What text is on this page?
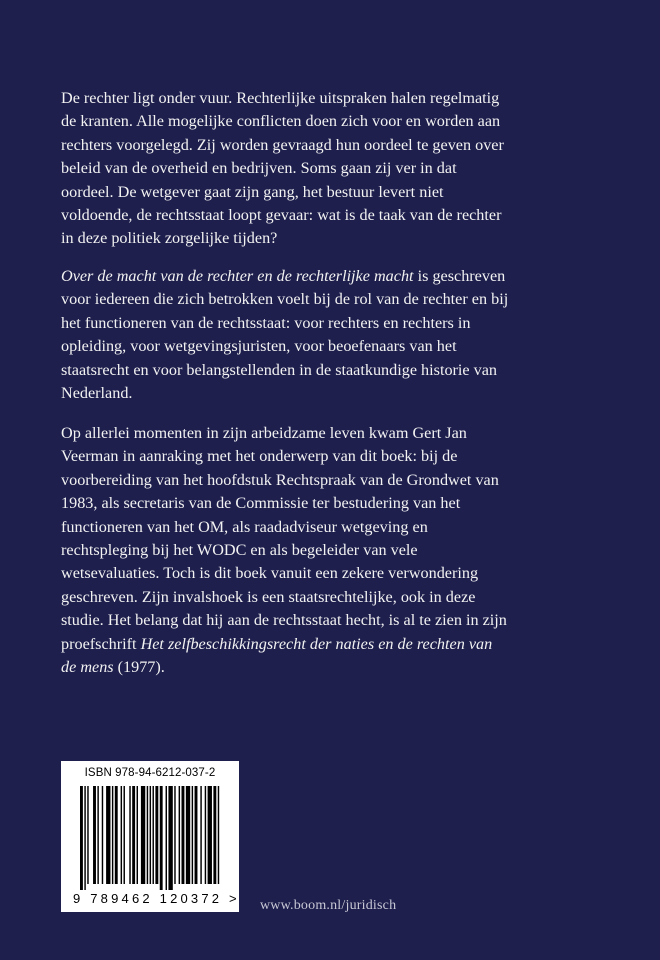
De rechter ligt onder vuur. Rechterlijke uitspraken halen regelmatig de kranten. Alle mogelijke conflicten doen zich voor en worden aan rechters voorgelegd. Zij worden gevraagd hun oordeel te geven over beleid van de overheid en bedrijven. Soms gaan zij ver in dat oordeel. De wetgever gaat zijn gang, het bestuur levert niet voldoende, de rechtsstaat loopt gevaar: wat is de taak van de rechter in deze politiek zorgelijke tijden?

Over de macht van de rechter en de rechterlijke macht is geschreven voor iedereen die zich betrokken voelt bij de rol van de rechter en bij het functioneren van de rechtsstaat: voor rechters en rechters in opleiding, voor wetgevingsjuristen, voor beoefenaars van het staatsrecht en voor belangstellenden in de staatkundige historie van Nederland.

Op allerlei momenten in zijn arbeidzame leven kwam Gert Jan Veerman in aanraking met het onderwerp van dit boek: bij de voorbereiding van het hoofdstuk Rechtspraak van de Grondwet van 1983, als secretaris van de Commissie ter bestudering van het functioneren van het OM, als raadadviseur wetgeving en rechtspleging bij het WODC en als begeleider van vele wetsevaluaties. Toch is dit boek vanuit een zekere verwondering geschreven. Zijn invalshoek is een staatsrechtelijke, ook in deze studie. Het belang dat hij aan de rechtsstaat hecht, is al te zien in zijn proefschrift Het zelfbeschikkingsrecht der naties en de rechten van de mens (1977).

ISBN 978-94-6212-037-2
9 789462 120372 > www.boom.nl/juridisch
